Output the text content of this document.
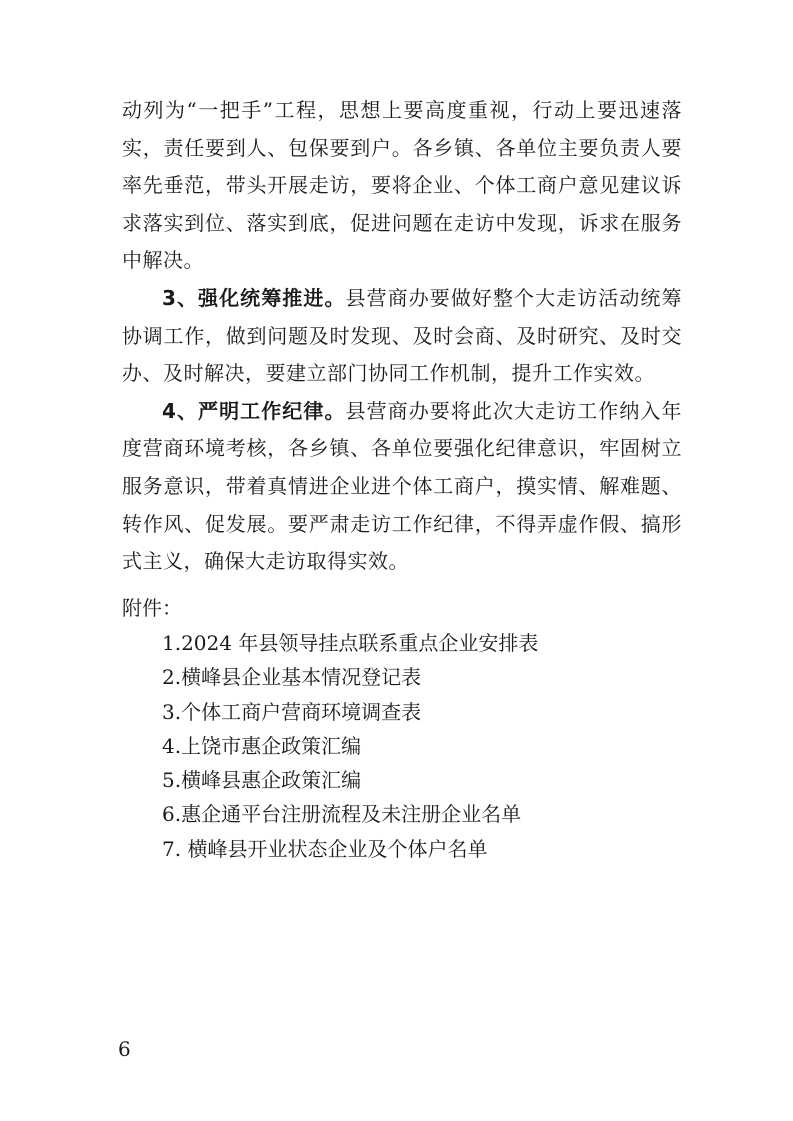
动列为“一把手”工程，思想上要高度重视，行动上要迅速落实，责任要到人、包保要到户。各乡镇、各单位主要负责人要率先垂范，带头开展走访，要将企业、个体工商户意见建议诉求落实到位、落实到底，促进问题在走访中发现，诉求在服务中解决。

3、强化统筹推进。县营商办要做好整个大走访活动统筹协调工作，做到问题及时发现、及时会商、及时研究、及时交办、及时解决，要建立部门协同工作机制，提升工作实效。

4、严明工作纪律。县营商办要将此次大走访工作纳入年度营商环境考核，各乡镇、各单位要强化纪律意识，牢固树立服务意识，带着真情进企业进个体工商户，摸实情、解难题、转作风、促发展。要严肃走访工作纪律，不得弄虚作假、搞形式主义，确保大走访取得实效。

附件：

1.2024 年县领导挂点联系重点企业安排表
2.横峰县企业基本情况登记表
3.个体工商户营商环境调查表
4.上饶市惠企政策汇编
5.横峰县惠企政策汇编
6.惠企通平台注册流程及未注册企业名单
7. 横峰县开业状态企业及个体户名单

6
